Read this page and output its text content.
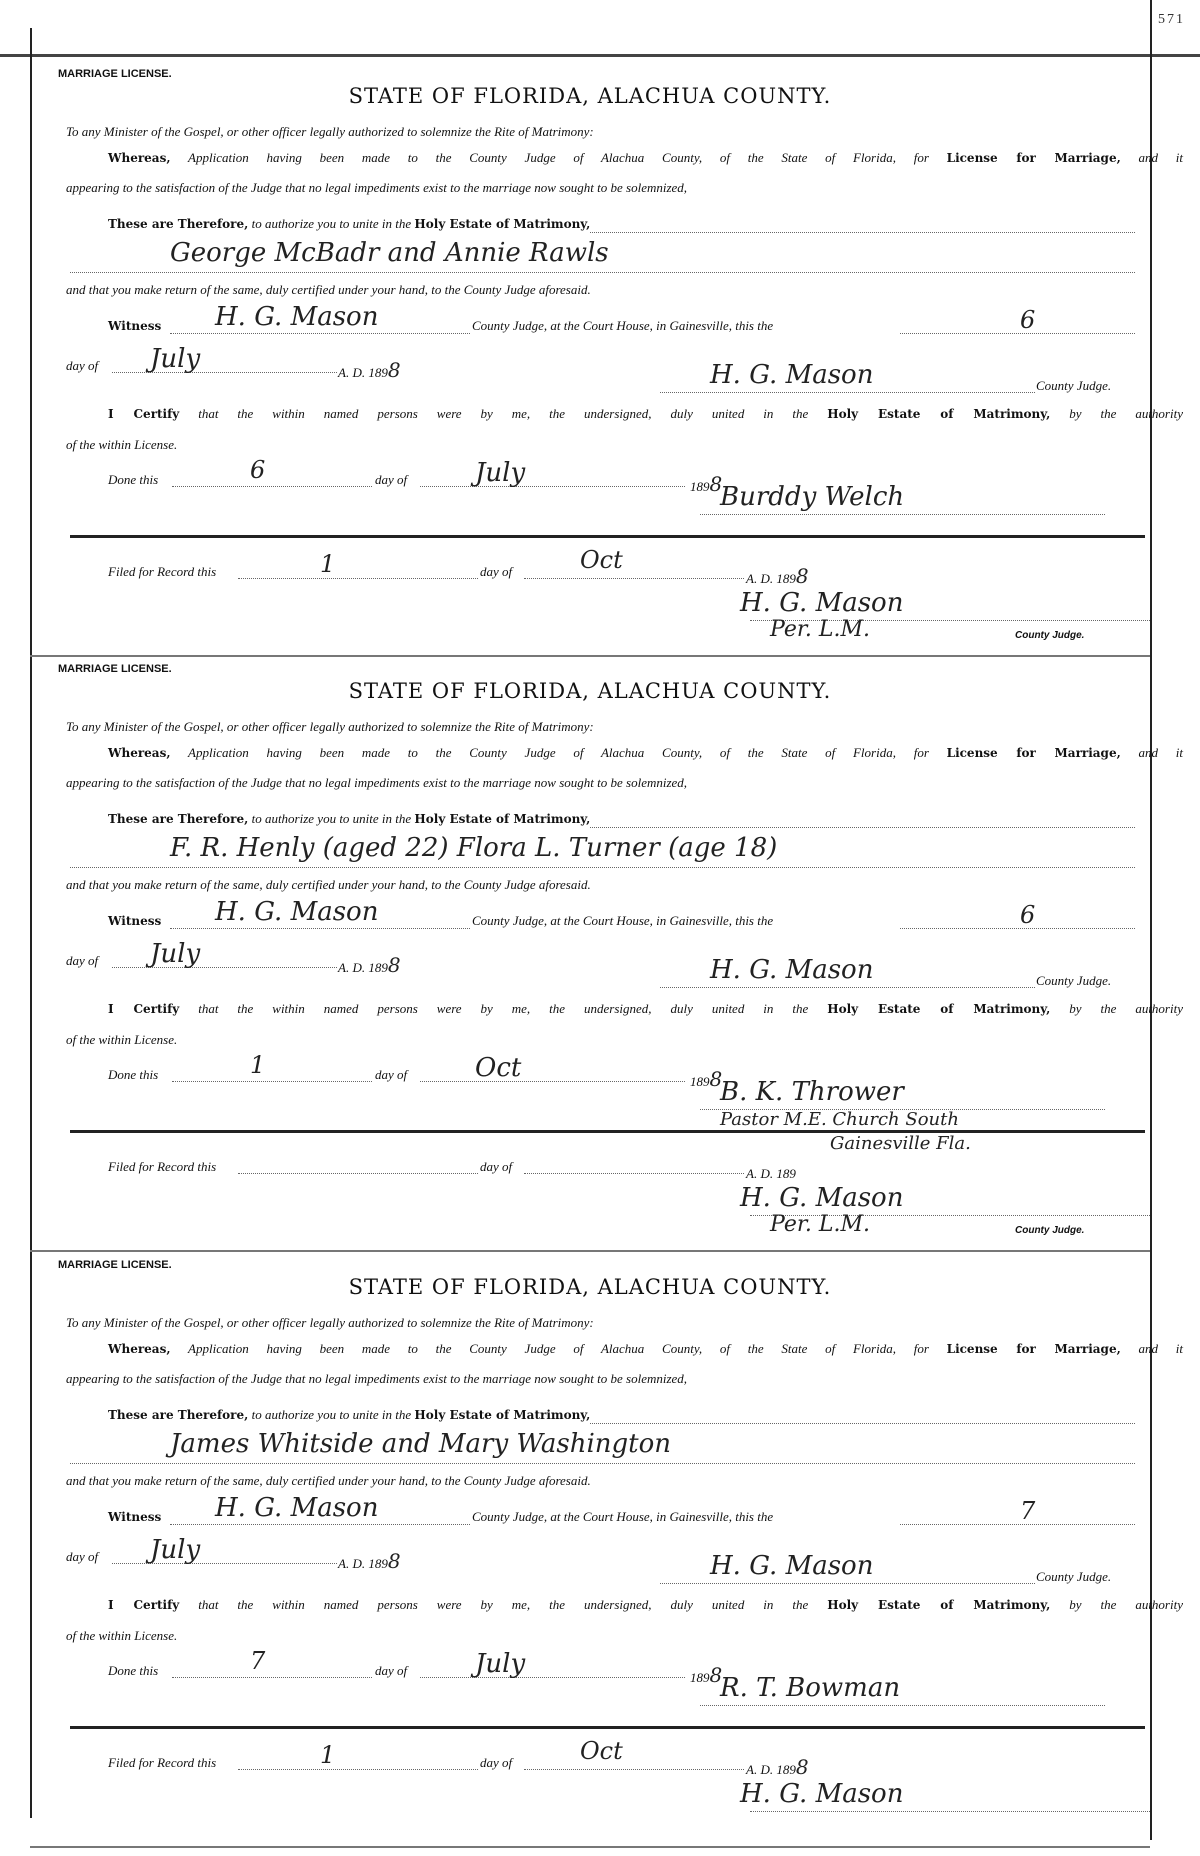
571
MARRIAGE LICENSE.
STATE OF FLORIDA, ALACHUA COUNTY.
To any Minister of the Gospel, or other officer legally authorized to solemnize the Rite of Matrimony:
Whereas, Application having been made to the County Judge of Alachua County, of the State of Florida, for License for Marriage, and it
appearing to the satisfaction of the Judge that no legal impediments exist to the marriage now sought to be solemnized,
These are Therefore, to authorize you to unite in the Holy Estate of Matrimony,
George McBadr and Annie Rawls
and that you make return of the same, duly certified under your hand, to the County Judge aforesaid.
Witness H. G. Mason	County Judge, at the Court House, in Gainesville, this the	6
day of July	A. D. 1898	H. G. Mason	County Judge.
I Certify that the within named persons were by me, the undersigned, duly united in the Holy Estate of Matrimony, by the authority
of the within License.
Done this	6	day of	July	1898
Burddy Welch
Filed for Record this	1	day of	Oct
A. D. 1898
H. G. Mason
Per. L.M.	County Judge.
MARRIAGE LICENSE.
STATE OF FLORIDA, ALACHUA COUNTY.
To any Minister of the Gospel, or other officer legally authorized to solemnize the Rite of Matrimony:
Whereas, Application having been made to the County Judge of Alachua County, of the State of Florida, for License for Marriage, and it
appearing to the satisfaction of the Judge that no legal impediments exist to the marriage now sought to be solemnized,
These are Therefore, to authorize you to unite in the Holy Estate of Matrimony,
F. R. Henly (aged 22) Flora L. Turner (age 18)
and that you make return of the same, duly certified under your hand, to the County Judge aforesaid.
Witness H. G. Mason	County Judge, at the Court House, in Gainesville, this the	6
day of July	A. D. 1898	H. G. Mason	County Judge.
I Certify that the within named persons were by me, the undersigned, duly united in the Holy Estate of Matrimony, by the authority
of the within License.
Done this	1	day of	Oct	1898
B. K. Thrower
Pastor M.E. Church South
Gainesville Fla.
Filed for Record this	day of	A. D. 189
H. G. Mason
Per. L.M.	County Judge.
MARRIAGE LICENSE.
STATE OF FLORIDA, ALACHUA COUNTY.
To any Minister of the Gospel, or other officer legally authorized to solemnize the Rite of Matrimony:
Whereas, Application having been made to the County Judge of Alachua County, of the State of Florida, for License for Marriage, and it
appearing to the satisfaction of the Judge that no legal impediments exist to the marriage now sought to be solemnized,
These are Therefore, to authorize you to unite in the Holy Estate of Matrimony,
James Whitside and Mary Washington
and that you make return of the same, duly certified under your hand, to the County Judge aforesaid.
Witness H. G. Mason	County Judge, at the Court House, in Gainesville, this the	7
day of July	A. D. 1898	H. G. Mason	County Judge.
I Certify that the within named persons were by me, the undersigned, duly united in the Holy Estate of Matrimony, by the authority
of the within License.
Done this	7	day of	July	1898
R. T. Bowman
Filed for Record this	1	day of	Oct
A. D. 1898
H. G. Mason
